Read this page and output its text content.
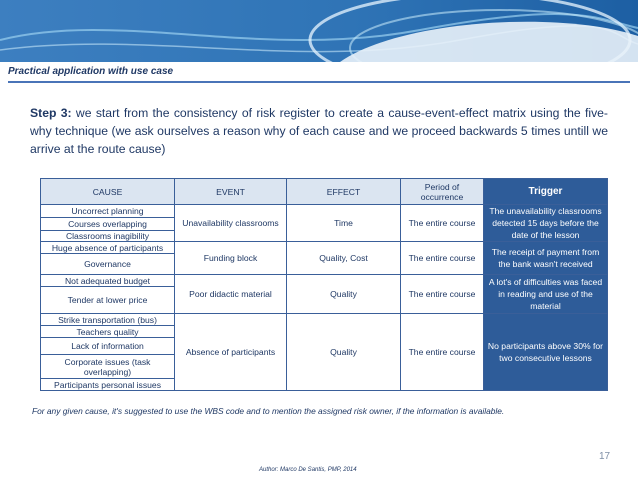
Practical application with use case

Step 3: we start from the consistency of risk register to create a cause-event-effect matrix using the five-why technique (we ask ourselves a reason why of each cause and we proceed backwards 5 times untill we arrive at the route cause)

CAUSE	EVENT	EFFECT	Period of occurrence	Trigger
Uncorrect planning	Unavailability classrooms	Time	The entire course	The unavailability classrooms detected 15 days before the date of the lesson
Courses overlapping				
Classrooms inagibility				
Huge absence of participants	Funding block	Quality, Cost	The entire course	The receipt of payment from the bank wasn't received
Governance				
Not adequated budget	Poor didactic material	Quality	The entire course	A lot's of difficulties was faced in reading and use of the material
Tender at lower price				
Strike transportation (bus)	Absence of participants	Quality	The entire course	No participants above 30% for two consecutive lessons
Teachers quality				
Lack of information				
Corporate issues (task overlapping)				
Participants personal issues				
For any given cause, it's suggested to use the WBS code and to mention the assigned risk owner, if the information is available.
17
Author: Marco De Santis, PMP, 2014
